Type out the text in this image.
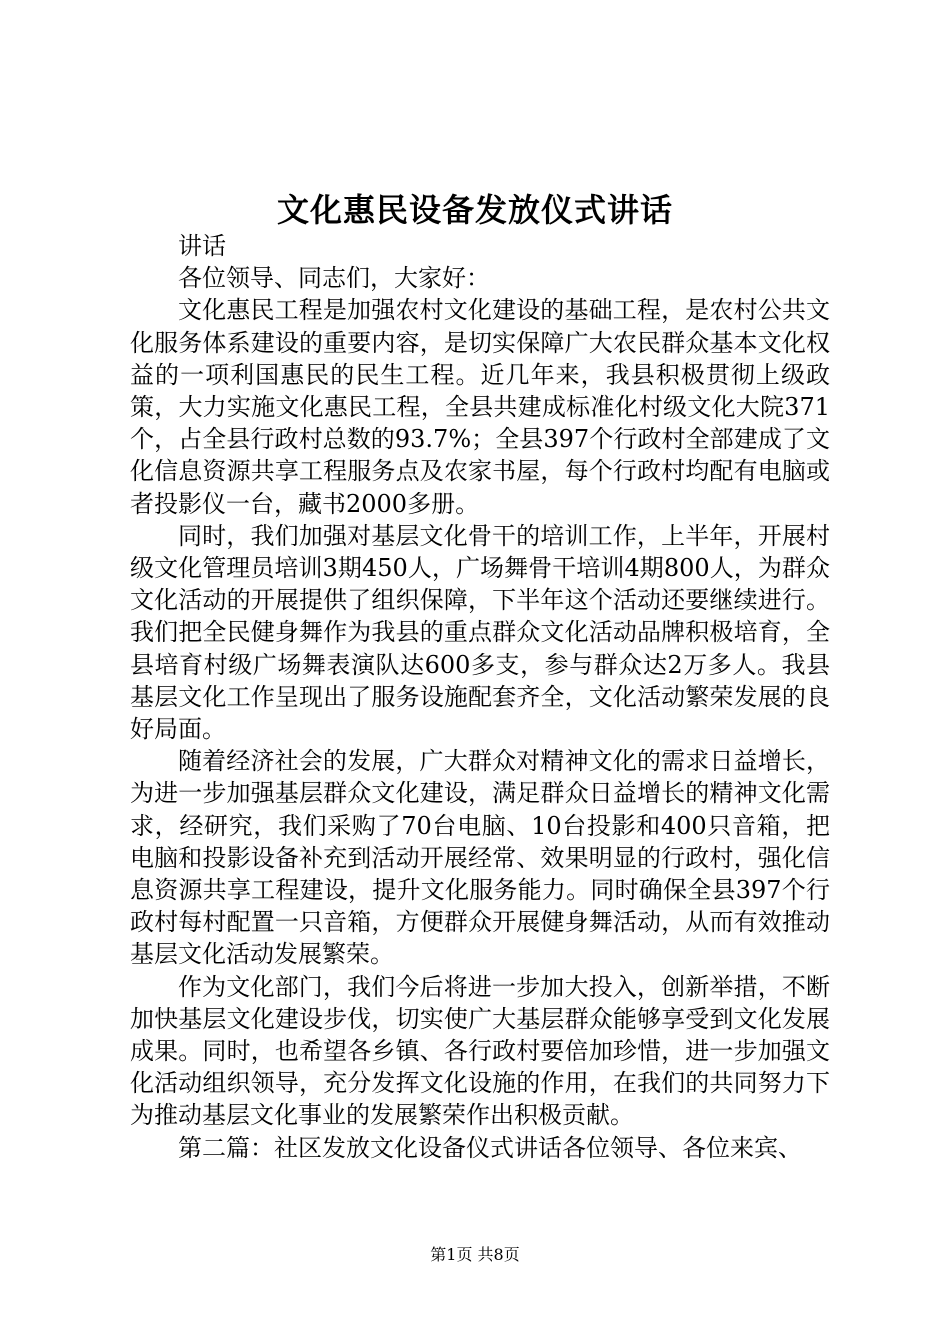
文化惠民设备发放仪式讲话

讲话

各位领导、同志们，大家好：

文化惠民工程是加强农村文化建设的基础工程，是农村公共文化服务体系建设的重要内容，是切实保障广大农民群众基本文化权益的一项利国惠民的民生工程。近几年来，我县积极贯彻上级政策，大力实施文化惠民工程，全县共建成标准化村级文化大院371个，占全县行政村总数的93.7%；全县397个行政村全部建成了文化信息资源共享工程服务点及农家书屋，每个行政村均配有电脑或者投影仪一台，藏书2000多册。

同时，我们加强对基层文化骨干的培训工作，上半年，开展村级文化管理员培训3期450人，广场舞骨干培训4期800人，为群众文化活动的开展提供了组织保障，下半年这个活动还要继续进行。我们把全民健身舞作为我县的重点群众文化活动品牌积极培育，全县培育村级广场舞表演队达600多支，参与群众达2万多人。我县基层文化工作呈现出了服务设施配套齐全，文化活动繁荣发展的良好局面。

随着经济社会的发展，广大群众对精神文化的需求日益增长，为进一步加强基层群众文化建设，满足群众日益增长的精神文化需求，经研究，我们采购了70台电脑、10台投影和400只音箱，把电脑和投影设备补充到活动开展经常、效果明显的行政村，强化信息资源共享工程建设，提升文化服务能力。同时确保全县397个行政村每村配置一只音箱，方便群众开展健身舞活动，从而有效推动基层文化活动发展繁荣。

作为文化部门，我们今后将进一步加大投入，创新举措，不断加快基层文化建设步伐，切实使广大基层群众能够享受到文化发展成果。同时，也希望各乡镇、各行政村要倍加珍惜，进一步加强文化活动组织领导，充分发挥文化设施的作用，在我们的共同努力下为推动基层文化事业的发展繁荣作出积极贡献。

第二篇：社区发放文化设备仪式讲话各位领导、各位来宾、

第1页 共8页
